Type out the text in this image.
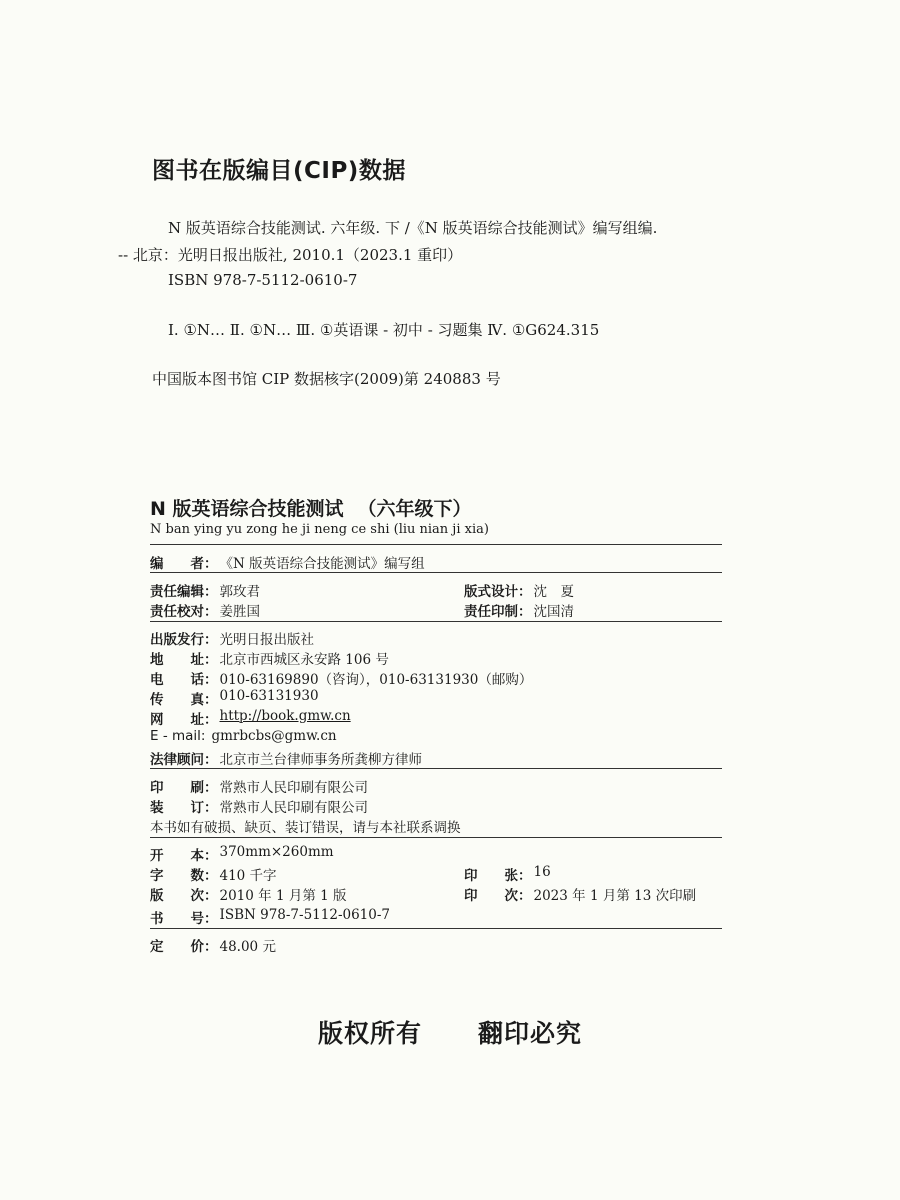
图书在版编目(CIP)数据
N 版英语综合技能测试. 六年级. 下 /《N 版英语综合技能测试》编写组编.
-- 北京：光明日报出版社, 2010.1（2023.1 重印）
ISBN 978-7-5112-0610-7
Ⅰ. ①N… Ⅱ. ①N… Ⅲ. ①英语课 - 初中 - 习题集 Ⅳ. ①G624.315
中国版本图书馆 CIP 数据核字(2009)第 240883 号
N 版英语综合技能测试 （六年级下）
N ban ying yu zong he ji neng ce shi (liu nian ji xia)
编　　者： 《N 版英语综合技能测试》编写组
责任编辑： 郭玫君	版式设计： 沈　夏
责任校对： 姜胜国	责任印制： 沈国清
出版发行： 光明日报出版社
地　　址： 北京市西城区永安路 106 号
电　　话： 010-63169890（咨询），010-63131930（邮购）
传　　真： 010-63131930
网　　址： http://book.gmw.cn
E - mail: gmrbcbs@gmw.cn
法律顾问： 北京市兰台律师事务所龚柳方律师
印　　刷： 常熟市人民印刷有限公司
装　　订： 常熟市人民印刷有限公司
本书如有破损、缺页、装订错误，请与本社联系调换
开　　本： 370mm×260mm
字　　数： 410 千字	印　　张： 16
版　　次： 2010 年 1 月第 1 版	印　　次： 2023 年 1 月第 13 次印刷
书　　号： ISBN 978-7-5112-0610-7
定　　价： 48.00 元
版权所有 翻印必究
